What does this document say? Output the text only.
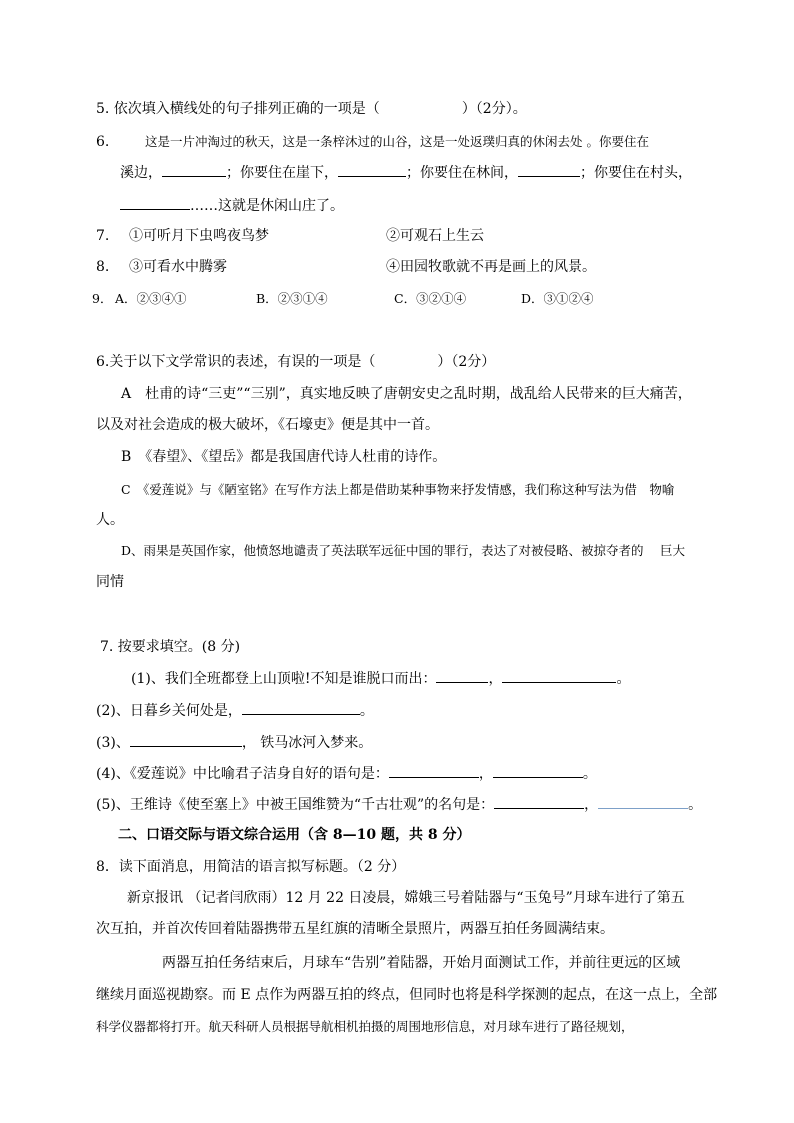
5. 依次填入横线处的句子排列正确的一项是（	）（2分）。
6.	这是一片冲淘过的秋天，这是一条梓沐过的山谷，这是一处返璞归真的休闲去处 。你要住在
溪边，	；你要住在崖下，	；你要住在林间，	；你要住在村头，
……这就是休闲山庄了。
7. ①可听月下虫鸣夜鸟梦	②可观石上生云
8. ③可看水中腾雾	④田园牧歌就不再是画上的风景。
9． A．②③④①	B．②③①④	C．③②①④	D．③①②④
6.关于以下文学常识的表述，有误的一项是（	）（2分）
A　杜甫的诗“三吏”“三别”，真实地反映了唐朝安史之乱时期，战乱给人民带来的巨大痛苦，
以及对社会造成的极大破坏，《石壕吏》便是其中一首。
B　《春望》、《望岳》都是我国唐代诗人杜甫的诗作。
C　《爱莲说》与《陋室铭》在写作方法上都是借助某种事物来抒发情感，我们称这种写法为借　物喻
人。
D、雨果是英国作家，他愤怒地谴责了英法联军远征中国的罪行，表达了对被侵略、被掠夺者的　 巨大
同情
7. 按要求填空。(8 分)
(1)、我们全班都登上山顶啦!不知是谁脱口而出：	，	。
(2)、日暮乡关何处是，	。
(3)、	， 铁马冰河入梦来。
(4)、《爱莲说》中比喻君子洁身自好的语句是：	，	。
(5)、王维诗《使至塞上》中被王国维赞为“千古壮观”的名句是：	，	。
二、口语交际与语文综合运用（含 8—10 题，共 8 分）
8．读下面消息，用简洁的语言拟写标题。（2 分）
新京报讯 （记者闫欣雨）12 月 22 日凌晨，嫦娥三号着陆器与“玉兔号”月球车进行了第五
次互拍，并首次传回着陆器携带五星红旗的清晰全景照片，两器互拍任务圆满结束。
两器互拍任务结束后，月球车“告别”着陆器，开始月面测试工作，并前往更远的区域
继续月面巡视勘察。而 E 点作为两器互拍的终点，但同时也将是科学探测的起点，在这一点上，全部
科学仪器都将打开。航天科研人员根据导航相机拍摄的周围地形信息，对月球车进行了路径规划，
